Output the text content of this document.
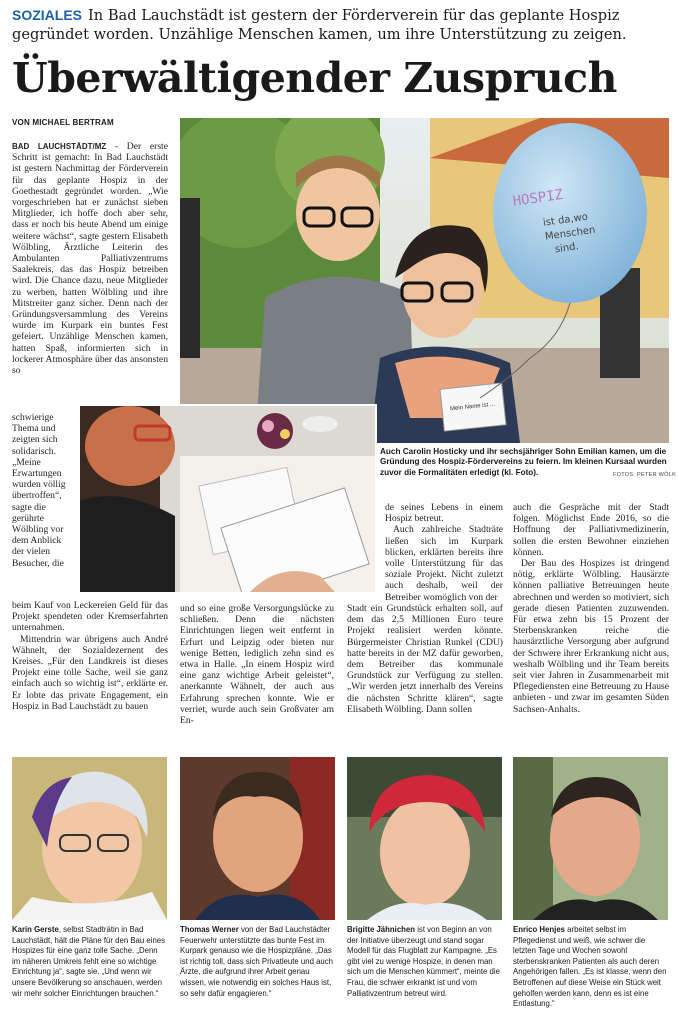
SOZIALES In Bad Lauchstädt ist gestern der Förderverein für das geplante Hospiz gegründet worden. Unzählige Menschen kamen, um ihre Unterstützung zu zeigen.
Überwältigender Zuspruch
VON MICHAEL BERTRAM

BAD LAUCHSTÄDT/MZ - Der erste Schritt ist gemacht: In Bad Lauchstädt ist gestern Nachmittag der Förderverein für das geplante Hospiz in der Goethestadt gegründet worden. „Wie vorgeschrieben hat er zunächst sieben Mitglieder, ich hoffe doch aber sehr, dass er noch bis heute Abend um einige weitere wächst“, sagte gestern Elisabeth Wölbling, Ärztliche Leiterin des Ambulanten Palliativzentrums Saalekreis, das das Hospiz betreiben wird. Die Chance dazu, neue Mitglieder zu werben, hatten Wölbling und ihre Mitstreiter ganz sicher. Denn nach der Gründungsversammlung des Vereins wurde im Kurpark ein buntes Fest gefeiert. Unzählige Menschen kamen, hatten Spaß, informierten sich in lockerer Atmosphäre über das ansonsten so

schwierige Thema und zeigten sich solidarisch. „Meine Erwartungen wurden völlig übertroffen“, sagte die gerührte Wölbling vor dem Anblick der vielen Besucher, die

beim Kauf von Leckereien Geld für das Projekt spendeten oder Kremserfahrten unternahmen.

Mittendrin war übrigens auch André Wähnelt, der Sozialdezernent des Kreises. „Für den Landkreis ist dieses Projekt eine tolle Sache, weil sie ganz einfach auch so wichtig ist“, erklärte er. Er lobte das private Engagement, ein Hospiz in Bad Lauchstädt zu bauen

und so eine große Versorgungslücke zu schließen. Denn die nächsten Einrichtungen liegen weit entfernt in Erfurt und Leipzig oder bieten nur wenige Betten, lediglich zehn sind es etwa in Halle. „In einem Hospiz wird eine ganz wichtige Arbeit geleistet“, anerkannte Wähnelt, der auch aus Erfahrung sprechen konnte. Wie er verriet, wurde auch sein Großvater am En-

de seines Lebens in einem Hospiz betreut.

Auch zahlreiche Stadträte ließen sich im Kurpark blicken, erklärten bereits ihre volle Unterstützung für das soziale Projekt. Nicht zuletzt auch deshalb, weil der Betreiber womöglich von der

Stadt ein Grundstück erhalten soll, auf dem das 2,5 Millionen Euro teure Projekt realisiert werden könnte. Bürgermeister Christian Runkel (CDU) hatte bereits in der MZ dafür geworben, dem Betreiber das kommunale Grundstück zur Verfügung zu stellen. „Wir werden jetzt innerhalb des Vereins die nächsten Schritte klären“, sagte Elisabeth Wölbling. Dann sollen

auch die Gespräche mit der Stadt folgen. Möglichst Ende 2016, so die Hoffnung der Palliativmedizinerin, sollen die ersten Bewohner einziehen können.

Der Bau des Hospizes ist dringend nötig, erklärte Wölbling. Hausärzte können palliative Betreuungen heute abrechnen und werden so motiviert, sich gerade diesen Patienten zuzuwenden. Für etwa zehn bis 15 Prozent der Sterbenskranken reiche die hausärztliche Versorgung aber aufgrund der Schwere ihrer Erkrankung nicht aus, weshalb Wölbling und ihr Team bereits seit vier Jahren in Zusammenarbeit mit Pflegediensten eine Betreuung zu Hause anbieten - und zwar im gesamten Süden Sachsen-Anhalts.

Mein Name ist ...
HOSPIZ
ist da,wo
Menschen
sind.
Auch Carolin Hosticky und ihr sechsjähriger Sohn Emilian kamen, um die Gründung des Hospiz-Fördervereins zu feiern. Im kleinen Kursaal wurden zuvor die Formalitäten erledigt (kl. Foto).	FOTOS: PETER WÖLK
Karin Gerste, selbst Stadträtin in Bad Lauchstädt, hält die Pläne für den Bau eines Hospizes für eine ganz tolle Sache. „Denn im näheren Umkreis fehlt eine so wichtige Einrichtung ja“, sagte sie. „Und wenn wir unsere Bevölkerung so anschauen, werden wir mehr solcher Einrichtungen brauchen.“
Thomas Werner von der Bad Lauchstädter Feuerwehr unterstützte das bunte Fest im Kurpark genauso wie die Hospizpläne. „Das ist richtig toll, dass sich Privatleute und auch Ärzte, die aufgrund ihrer Arbeit genau wissen, wie notwendig ein solches Haus ist, so sehr dafür engagieren.“
Brigitte Jähnichen ist von Beginn an von der Initiative überzeugt und stand sogar Modell für das Flugblatt zur Kampagne. „Es gibt viel zu wenige Hospize, in denen man sich um die Menschen kümmert“, meinte die Frau, die schwer erkrankt ist und vom Palliativzentrum betreut wird.
Enrico Henjes arbeitet selbst im Pflegedienst und weiß, wie schwer die letzten Tage und Wochen sowohl sterbenskranken Patienten als auch deren Angehörigen fallen. „Es ist klasse, wenn den Betroffenen auf diese Weise ein Stück weit geholfen werden kann, denn es ist eine Entlastung.“
